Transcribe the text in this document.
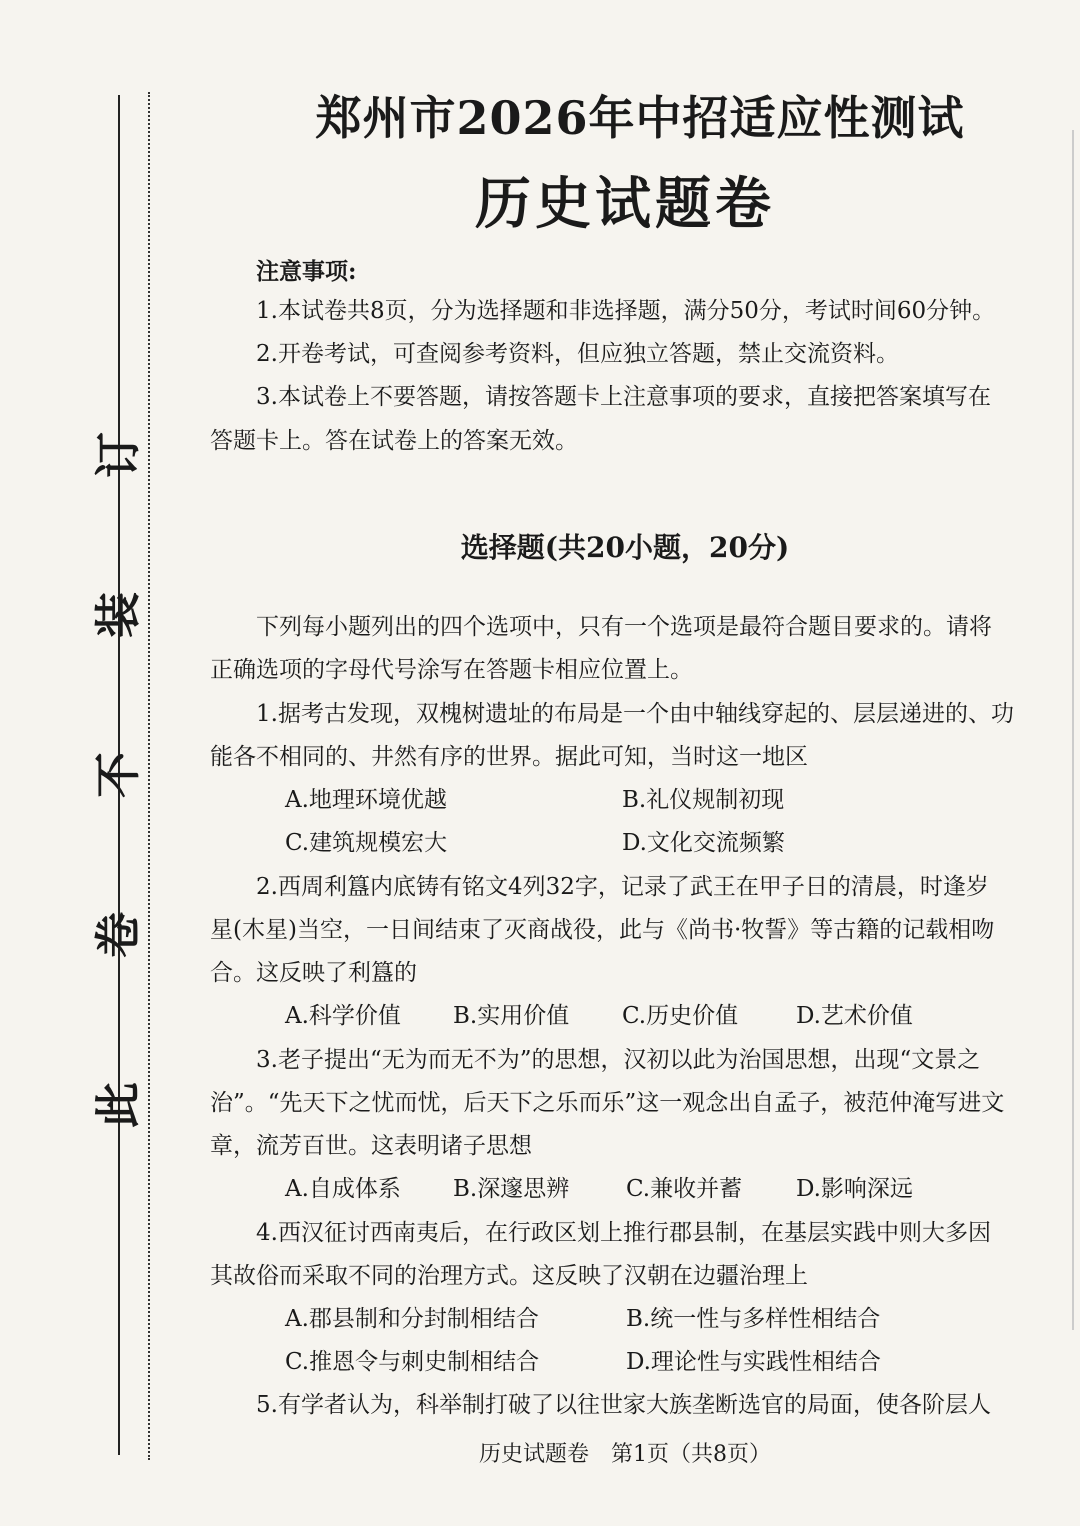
此
卷
不
装
订
郑州市2026年中招适应性测试
历史试题卷
注意事项:
1.本试卷共8页，分为选择题和非选择题，满分50分，考试时间60分钟。
2.开卷考试，可查阅参考资料，但应独立答题，禁止交流资料。
3.本试卷上不要答题，请按答题卡上注意事项的要求，直接把答案填写在
答题卡上。答在试卷上的答案无效。
选择题(共20小题，20分)
下列每小题列出的四个选项中，只有一个选项是最符合题目要求的。请将
正确选项的字母代号涂写在答题卡相应位置上。
1.据考古发现，双槐树遗址的布局是一个由中轴线穿起的、层层递进的、功
能各不相同的、井然有序的世界。据此可知，当时这一地区
A.地理环境优越	B.礼仪规制初现
C.建筑规模宏大	D.文化交流频繁
2.西周利簋内底铸有铭文4列32字，记录了武王在甲子日的清晨，时逢岁
星(木星)当空，一日间结束了灭商战役，此与《尚书·牧誓》等古籍的记载相吻
合。这反映了利簋的
A.科学价值 B.实用价值 C.历史价值	D.艺术价值
3.老子提出“无为而无不为”的思想，汉初以此为治国思想，出现“文景之
治”。“先天下之忧而忧，后天下之乐而乐”这一观念出自孟子，被范仲淹写进文
章，流芳百世。这表明诸子思想
A.自成体系 B.深邃思辨 C.兼收并蓄 D.影响深远
4.西汉征讨西南夷后，在行政区划上推行郡县制，在基层实践中则大多因
其故俗而采取不同的治理方式。这反映了汉朝在边疆治理上
A.郡县制和分封制相结合	B.统一性与多样性相结合
C.推恩令与刺史制相结合	D.理论性与实践性相结合
5.有学者认为，科举制打破了以往世家大族垄断选官的局面，使各阶层人
历史试题卷　第1页（共8页）
